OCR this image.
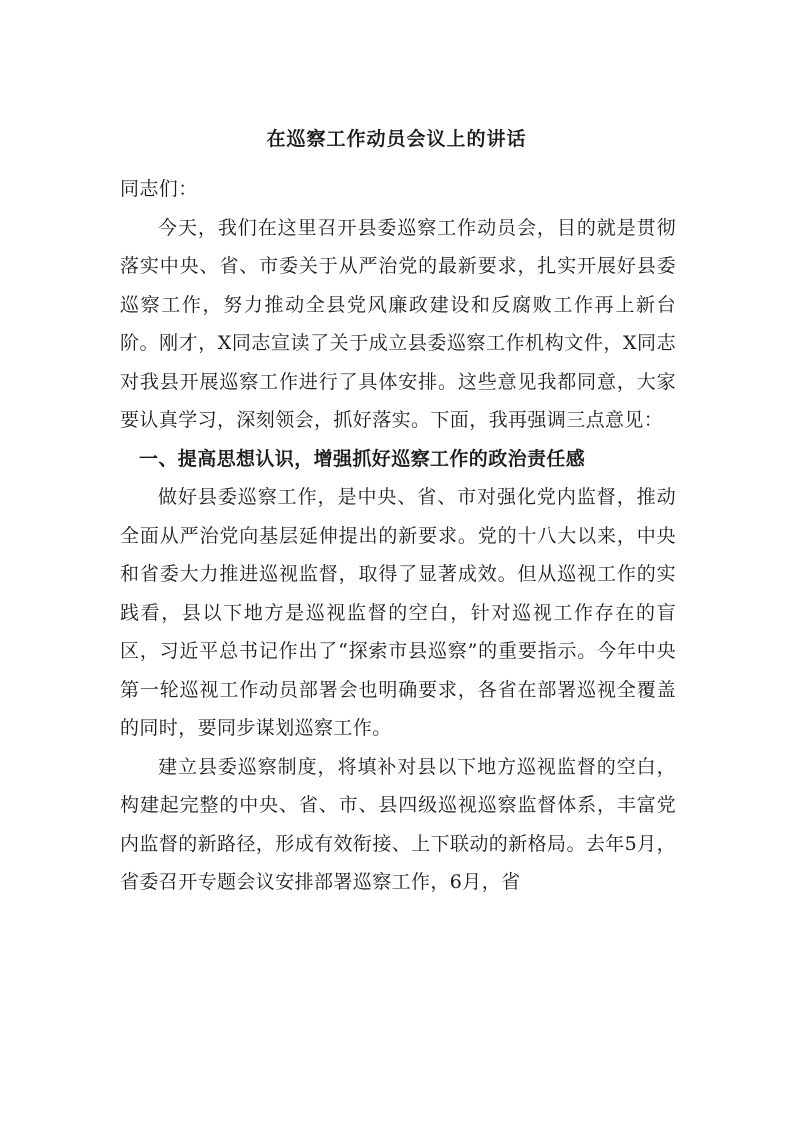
在巡察工作动员会议上的讲话

同志们：

今天，我们在这里召开县委巡察工作动员会，目的就是贯彻落实中央、省、市委关于从严治党的最新要求，扎实开展好县委巡察工作，努力推动全县党风廉政建设和反腐败工作再上新台阶。刚才，X同志宣读了关于成立县委巡察工作机构文件，X同志对我县开展巡察工作进行了具体安排。这些意见我都同意，大家要认真学习，深刻领会，抓好落实。下面，我再强调三点意见：

一、提高思想认识，增强抓好巡察工作的政治责任感

做好县委巡察工作，是中央、省、市对强化党内监督，推动全面从严治党向基层延伸提出的新要求。党的十八大以来，中央和省委大力推进巡视监督，取得了显著成效。但从巡视工作的实践看，县以下地方是巡视监督的空白，针对巡视工作存在的盲区，习近平总书记作出了“探索市县巡察”的重要指示。今年中央第一轮巡视工作动员部署会也明确要求，各省在部署巡视全覆盖的同时，要同步谋划巡察工作。

建立县委巡察制度，将填补对县以下地方巡视监督的空白，构建起完整的中央、省、市、县四级巡视巡察监督体系，丰富党内监督的新路径，形成有效衔接、上下联动的新格局。去年5月，省委召开专题会议安排部署巡察工作，6月，省
